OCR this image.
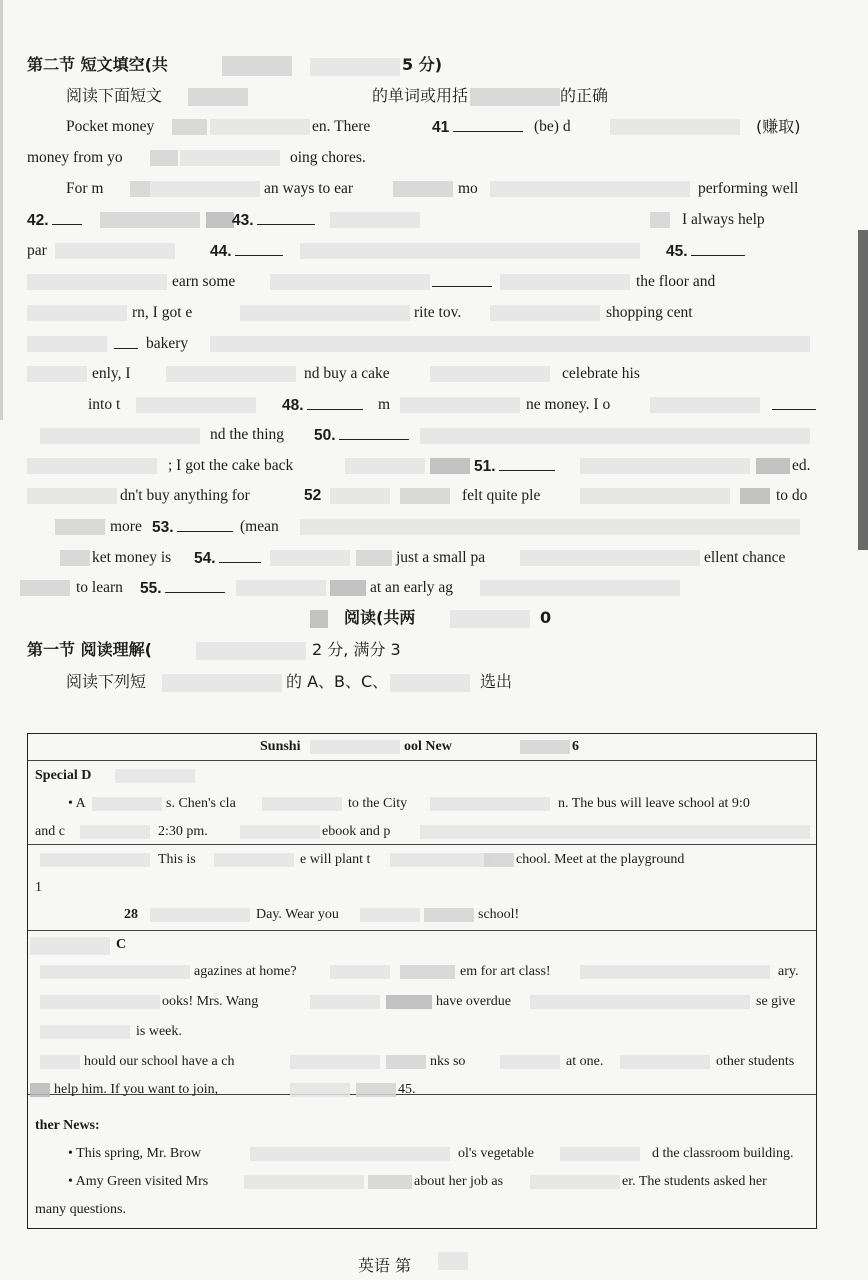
第二节 短文填空(共	5 分)
阅读下面短文	的单词或用括	的正确
Pocket money	en. There	41	(be) d	(赚取)
money from yo	oing chores.
For m	an ways to ear	mo	performing well
42.	43.	I always help
par	44.	45.
earn some	the floor and
rn, I got e	rite tov.	shopping cent
bakery
enly, I	nd buy a cake	celebrate his
into t	48.	m	ne money. I o
nd the thing 50.
; I got the cake back	51.	ed.
dn't buy anything for	52	felt quite ple	to do
more 53.	(mean
ket money is 54.	just a small pa	ellent chance
to learn 55.	at an early ag
阅读(共两	0
第一节 阅读理解(	2 分, 满分 3
阅读下列短	的 A、B、C、	选出
Sunshi	ool New	6
Special D
• A	s. Chen's cla	to the City	n. The bus will leave school at 9:0
and c	2:30 pm.	ebook and p
This is	e will plant t	chool. Meet at the playground
1
28	Day. Wear you	school!
C
agazines at home?	em for art class!	ary.
ooks! Mrs. Wang	have overdue	se give
is week.
hould our school have a ch	nks so	at one.	other students
help him. If you want to join,	45.
ther News:
• This spring, Mr. Brow	ol's vegetable	d the classroom building.
• Amy Green visited Mrs	about her job as	er. The students asked her
many questions.
英语 第
